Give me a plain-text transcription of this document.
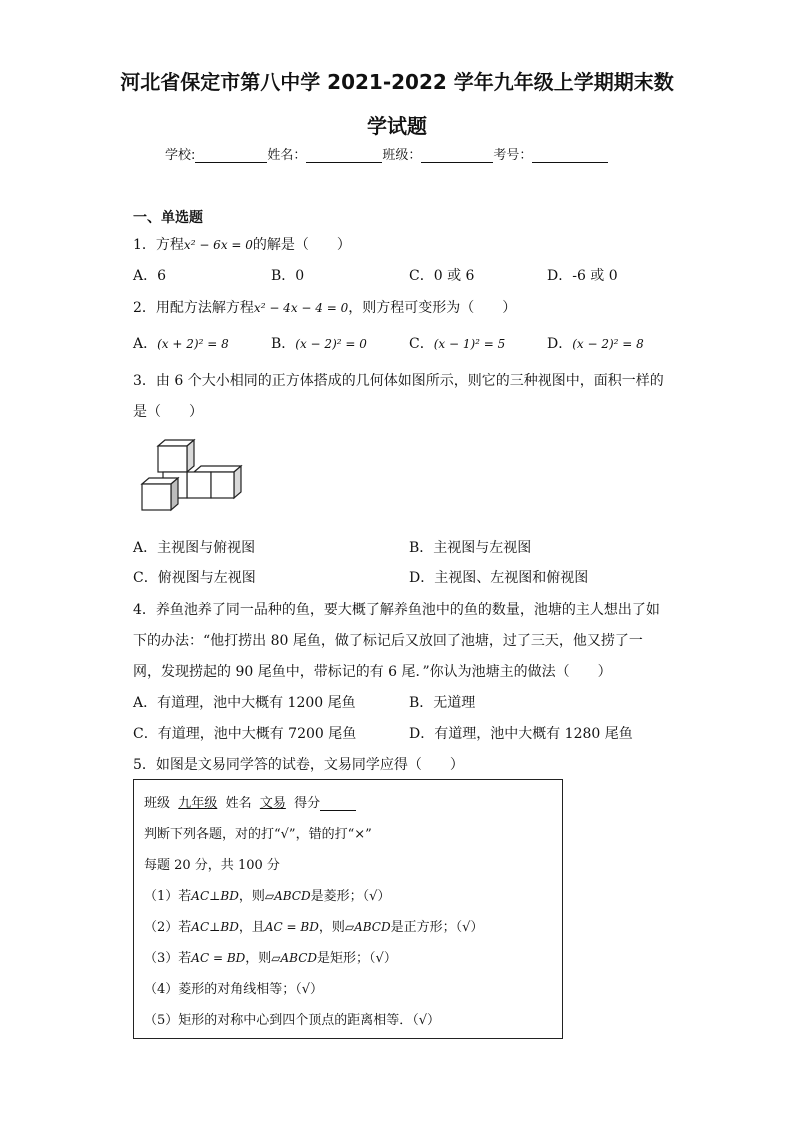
河北省保定市第八中学 2021-2022 学年九年级上学期期末数
学试题
学校:	姓名：	班级：	考号：
一、单选题
1．方程x² − 6x = 0的解是（　　）
A．6	B．0	C．0 或 6	D．-6 或 0
2．用配方法解方程x² − 4x − 4 = 0，则方程可变形为（　　）
A．(x + 2)² = 8	B．(x − 2)² = 0	C．(x − 1)² = 5	D．(x − 2)² = 8
3．由 6 个大小相同的正方体搭成的几何体如图所示，则它的三种视图中，面积一样的
是（　　）
A．主视图与俯视图	B．主视图与左视图
C．俯视图与左视图	D．主视图、左视图和俯视图
4．养鱼池养了同一品种的鱼，要大概了解养鱼池中的鱼的数量，池塘的主人想出了如
下的办法：“他打捞出 80 尾鱼，做了标记后又放回了池塘，过了三天，他又捞了一
网，发现捞起的 90 尾鱼中，带标记的有 6 尾．”你认为池塘主的做法（　　）
A．有道理，池中大概有 1200 尾鱼	B．无道理
C．有道理，池中大概有 7200 尾鱼	D．有道理，池中大概有 1280 尾鱼
5．如图是文易同学答的试卷，文易同学应得（　　）
班级 九年级 姓名 文易 得分
判断下列各题，对的打“√”，错的打“×”
每题 20 分，共 100 分
（1）若AC⊥BD，则▱ABCD是菱形；（√）
（2）若AC⊥BD，且AC = BD，则▱ABCD是正方形；（√）
（3）若AC = BD，则▱ABCD是矩形；（√）
（4）菱形的对角线相等；（√）
（5）矩形的对称中心到四个顶点的距离相等．（√）
